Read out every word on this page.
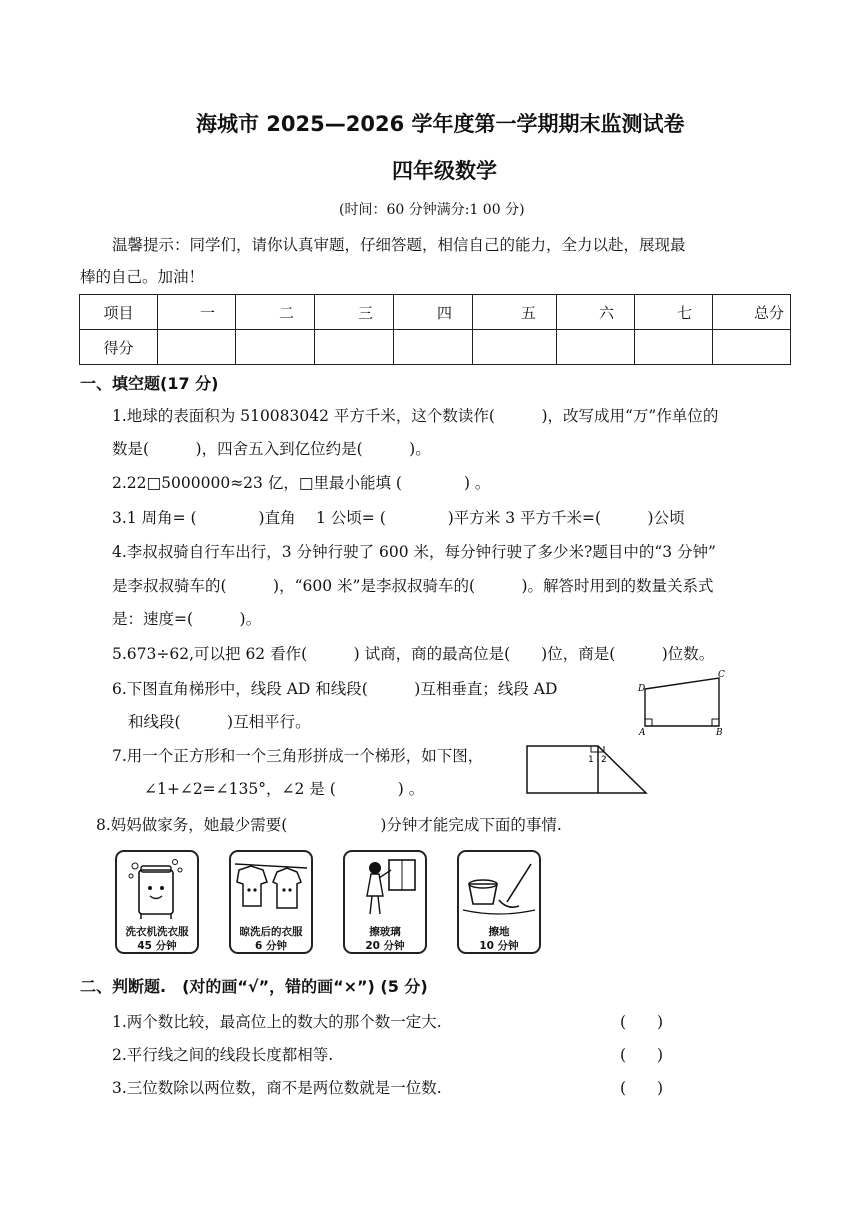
海城市 2025—2026 学年度第一学期期末监测试卷
四年级数学
(时间：60 分钟满分:1 00 分)
温馨提示：同学们，请你认真审题，仔细答题，相信自己的能力，全力以赴，展现最
棒的自己。加油！
项目	一	二	三	四	五	六	七	总分
得分								
一、填空题(17 分)
1.地球的表面积为 510083042 平方千米，这个数读作(　　　)，改写成用“万”作单位的
数是(　　　)，四舍五入到亿位约是(　　　)。
2.22□5000000≈23 亿，□里最小能填 (　　　　) 。
3.1 周角= (　　　　)直角　 1 公顷= (　　　　)平方米 3 平方千米=(　　　)公顷
4.李叔叔骑自行车出行，3 分钟行驶了 600 米，每分钟行驶了多少米?题目中的“3 分钟”
是李叔叔骑车的(　　　)，“600 米”是李叔叔骑车的(　　　)。解答时用到的数量关系式
是：速度=(　　　)。
5.673÷62,可以把 62 看作(　　　) 试商，商的最高位是(　　)位，商是(　　　)位数。
6.下图直角梯形中，线段 AD 和线段(　　　)互相垂直；线段 AD
和线段(　　　)互相平行。
D
C
A	B
7.用一个正方形和一个三角形拼成一个梯形，如下图，
∠1+∠2=∠135°，∠2 是 (　　　　) 。
1 2
8.妈妈做家务，她最少需要(　　　　　　)分钟才能完成下面的事情.
洗衣机洗衣服
45 分钟
晾洗后的衣服
6 分钟
擦玻璃
20 分钟
擦地
10 分钟
二、判断题.　(对的画“√”，错的画“×”) (5 分)
1.两个数比较，最高位上的数大的那个数一定大.	(　　)
2.平行线之间的线段长度都相等.	(　　)
3.三位数除以两位数，商不是两位数就是一位数.	(　　)
